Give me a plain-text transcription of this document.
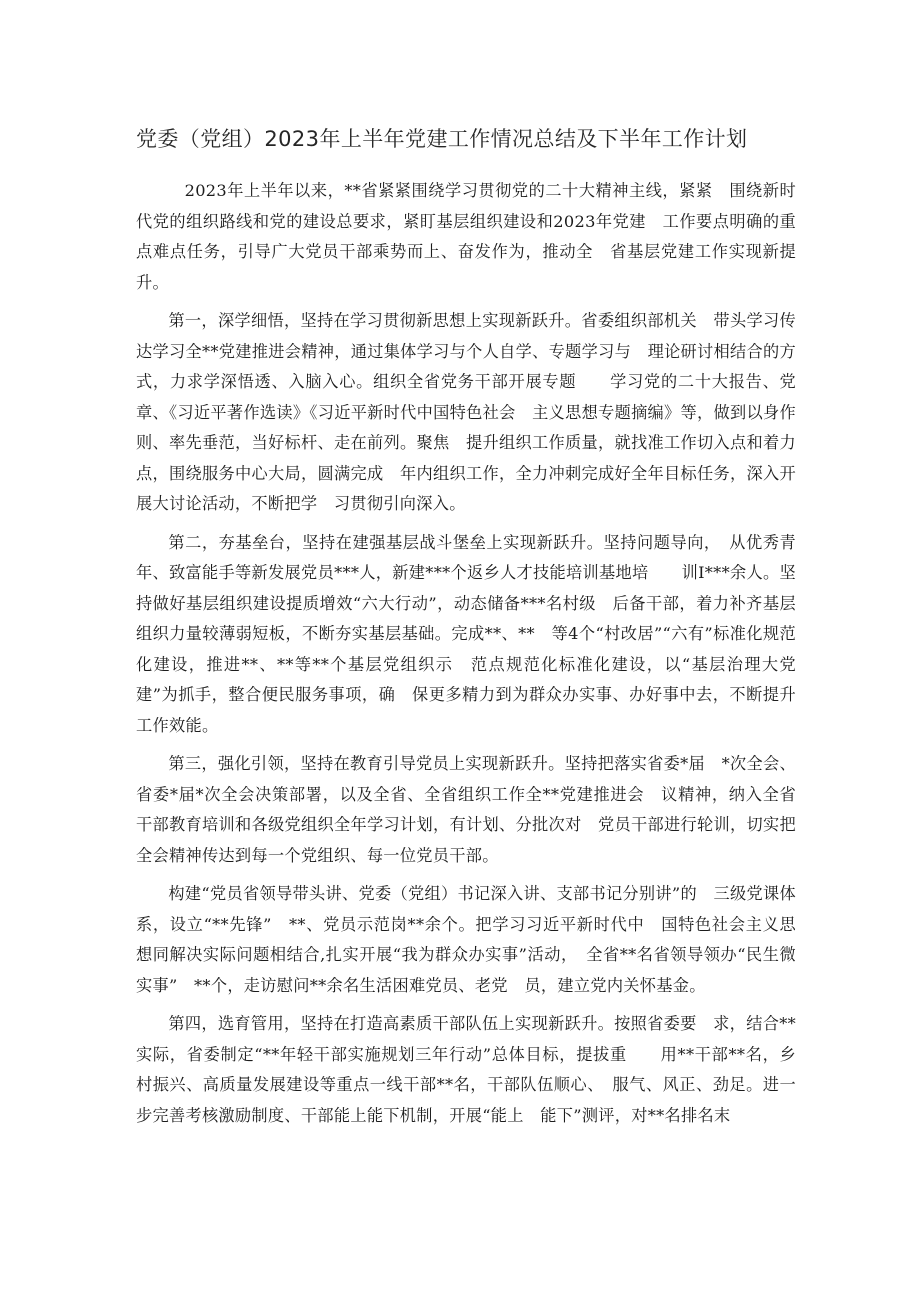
党委（党组）2023年上半年党建工作情况总结及下半年工作计划

2023年上半年以来，**省紧紧围绕学习贯彻党的二十大精神主线，紧紧　围绕新时代党的组织路线和党的建设总要求，紧盯基层组织建设和2023年党建　工作要点明确的重点难点任务，引导广大党员干部乘势而上、奋发作为，推动全　省基层党建工作实现新提升。

第一，深学细悟，坚持在学习贯彻新思想上实现新跃升。省委组织部机关　带头学习传达学习全**党建推进会精神，通过集体学习与个人自学、专题学习与　理论研讨相结合的方式，力求学深悟透、入脑入心。组织全省党务干部开展专题　　学习党的二十大报告、党章、《习近平著作选读》《习近平新时代中国特色社会　主义思想专题摘编》等，做到以身作则、率先垂范，当好标杆、走在前列。聚焦　提升组织工作质量，就找准工作切入点和着力点，围绕服务中心大局，圆满完成　年内组织工作，全力冲刺完成好全年目标任务，深入开展大讨论活动，不断把学　习贯彻引向深入。

第二，夯基垒台，坚持在建强基层战斗堡垒上实现新跃升。坚持问题导向，　从优秀青年、致富能手等新发展党员***人，新建***个返乡人才技能培训基地培　　训I***余人。坚持做好基层组织建设提质增效“六大行动”，动态储备***名村级　后备干部，着力补齐基层组织力量较薄弱短板，不断夯实基层基础。完成**、**　等4个“村改居”“六有”标准化规范化建设，推进**、**等**个基层党组织示　范点规范化标准化建设，以“基层治理大党建”为抓手，整合便民服务事项，确　保更多精力到为群众办实事、办好事中去，不断提升工作效能。

第三，强化引领，坚持在教育引导党员上实现新跃升。坚持把落实省委*届　*次全会、省委*届*次全会决策部署，以及全省、全省组织工作全**党建推进会　议精神，纳入全省干部教育培训和各级党组织全年学习计划，有计划、分批次对　党员干部进行轮训，切实把全会精神传达到每一个党组织、每一位党员干部。

构建“党员省领导带头讲、党委（党组）书记深入讲、支部书记分别讲”的　三级党课体系，设立“**先锋”　**、党员示范岗**余个。把学习习近平新时代中　国特色社会主义思想同解决实际问题相结合,扎实开展“我为群众办实事”活动，　全省**名省领导领办“民生微实事”　**个，走访慰问**余名生活困难党员、老党　员，建立党内关怀基金。

第四，选育管用，坚持在打造高素质干部队伍上实现新跃升。按照省委要　求，结合**实际，省委制定“**年轻干部实施规划三年行动”总体目标，提拔重　　用**干部**名，乡村振兴、高质量发展建设等重点一线干部**名，干部队伍顺心、　服气、风正、劲足。进一步完善考核激励制度、干部能上能下机制，开展“能上　能下”测评，对**名排名末
